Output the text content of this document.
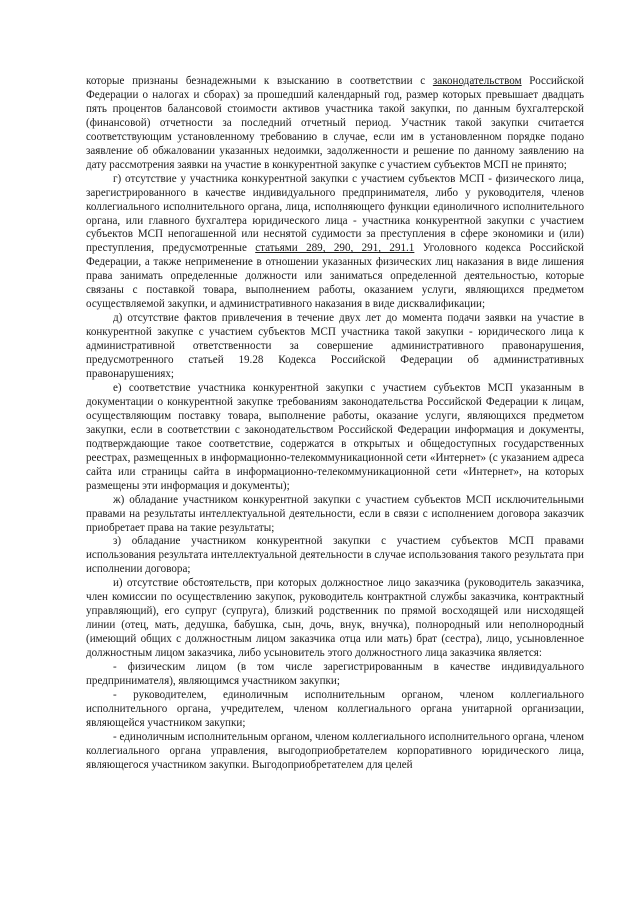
которые признаны безнадежными к взысканию в соответствии с законодательством Российской Федерации о налогах и сборах) за прошедший календарный год, размер которых превышает двадцать пять процентов балансовой стоимости активов участника такой закупки, по данным бухгалтерской (финансовой) отчетности за последний отчетный период. Участник такой закупки считается соответствующим установленному требованию в случае, если им в установленном порядке подано заявление об обжаловании указанных недоимки, задолженности и решение по данному заявлению на дату рассмотрения заявки на участие в конкурентной закупке с участием субъектов МСП не принято;

г) отсутствие у участника конкурентной закупки с участием субъектов МСП - физического лица, зарегистрированного в качестве индивидуального предпринимателя, либо у руководителя, членов коллегиального исполнительного органа, лица, исполняющего функции единоличного исполнительного органа, или главного бухгалтера юридического лица - участника конкурентной закупки с участием субъектов МСП непогашенной или неснятой судимости за преступления в сфере экономики и (или) преступления, предусмотренные статьями 289, 290, 291, 291.1 Уголовного кодекса Российской Федерации, а также неприменение в отношении указанных физических лиц наказания в виде лишения права занимать определенные должности или заниматься определенной деятельностью, которые связаны с поставкой товара, выполнением работы, оказанием услуги, являющихся предметом осуществляемой закупки, и административного наказания в виде дисквалификации;

д) отсутствие фактов привлечения в течение двух лет до момента подачи заявки на участие в конкурентной закупке с участием субъектов МСП участника такой закупки - юридического лица к административной ответственности за совершение административного правонарушения, предусмотренного статьей 19.28 Кодекса Российской Федерации об административных правонарушениях;

е) соответствие участника конкурентной закупки с участием субъектов МСП указанным в документации о конкурентной закупке требованиям законодательства Российской Федерации к лицам, осуществляющим поставку товара, выполнение работы, оказание услуги, являющихся предметом закупки, если в соответствии с законодательством Российской Федерации информация и документы, подтверждающие такое соответствие, содержатся в открытых и общедоступных государственных реестрах, размещенных в информационно-телекоммуникационной сети «Интернет» (с указанием адреса сайта или страницы сайта в информационно-телекоммуникационной сети «Интернет», на которых размещены эти информация и документы);

ж) обладание участником конкурентной закупки с участием субъектов МСП исключительными правами на результаты интеллектуальной деятельности, если в связи с исполнением договора заказчик приобретает права на такие результаты;

з) обладание участником конкурентной закупки с участием субъектов МСП правами использования результата интеллектуальной деятельности в случае использования такого результата при исполнении договора;

и) отсутствие обстоятельств, при которых должностное лицо заказчика (руководитель заказчика, член комиссии по осуществлению закупок, руководитель контрактной службы заказчика, контрактный управляющий), его супруг (супруга), близкий родственник по прямой восходящей или нисходящей линии (отец, мать, дедушка, бабушка, сын, дочь, внук, внучка), полнородный или неполнородный (имеющий общих с должностным лицом заказчика отца или мать) брат (сестра), лицо, усыновленное должностным лицом заказчика, либо усыновитель этого должностного лица заказчика является:

- физическим лицом (в том числе зарегистрированным в качестве индивидуального предпринимателя), являющимся участником закупки;

- руководителем, единоличным исполнительным органом, членом коллегиального исполнительного органа, учредителем, членом коллегиального органа унитарной организации, являющейся участником закупки;

- единоличным исполнительным органом, членом коллегиального исполнительного органа, членом коллегиального органа управления, выгодоприобретателем корпоративного юридического лица, являющегося участником закупки. Выгодоприобретателем для целей
